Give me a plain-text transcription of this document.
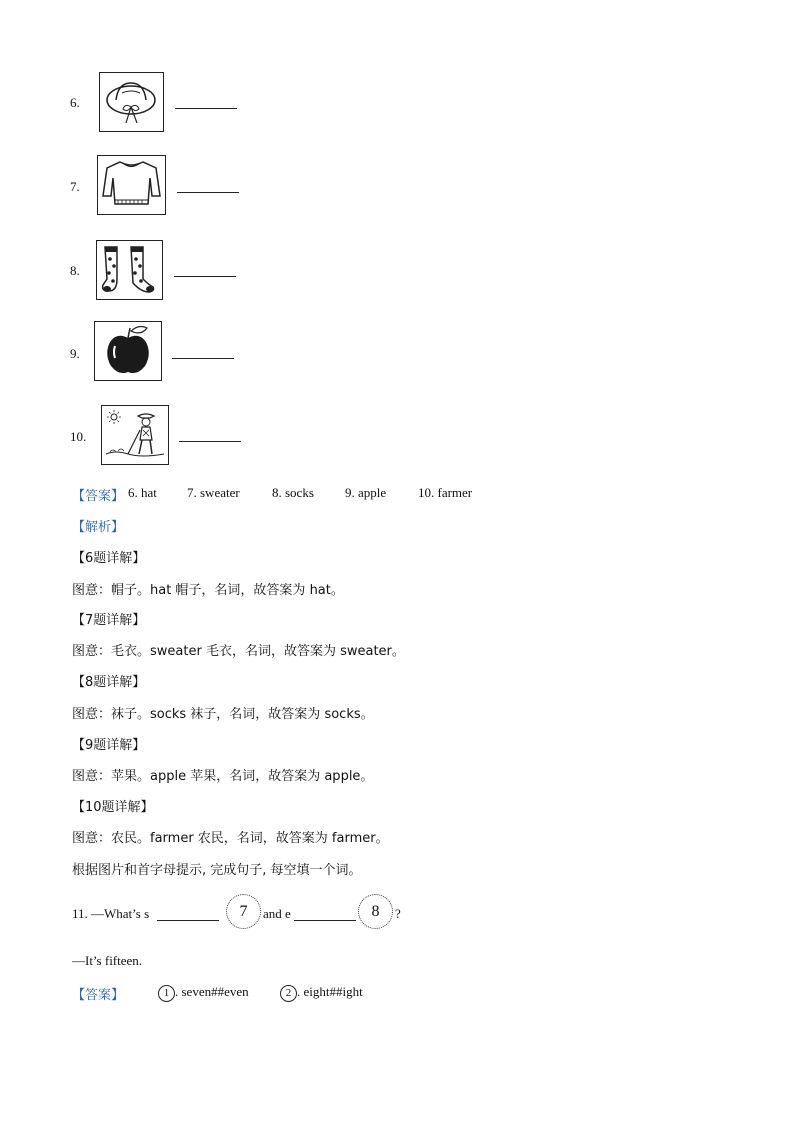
6.
7.
8.
9.
10.
【答案】 6. hat 7. sweater 8. socks 9. apple 10. farmer
【解析】
【6题详解】
图意：帽子。hat 帽子，名词，故答案为 hat。
【7题详解】
图意：毛衣。sweater 毛衣，名词，故答案为 sweater。
【8题详解】
图意：袜子。socks 袜子，名词，故答案为 socks。
【9题详解】
图意：苹果。apple 苹果，名词，故答案为 apple。
【10题详解】
图意：农民。farmer 农民，名词，故答案为 farmer。
根据图片和首字母提示, 完成句子, 每空填一个词。
11. —What’s s	7	and e	8	?
—It’s fifteen.
【答案】	1 . seven##even	2 . eight##ight
